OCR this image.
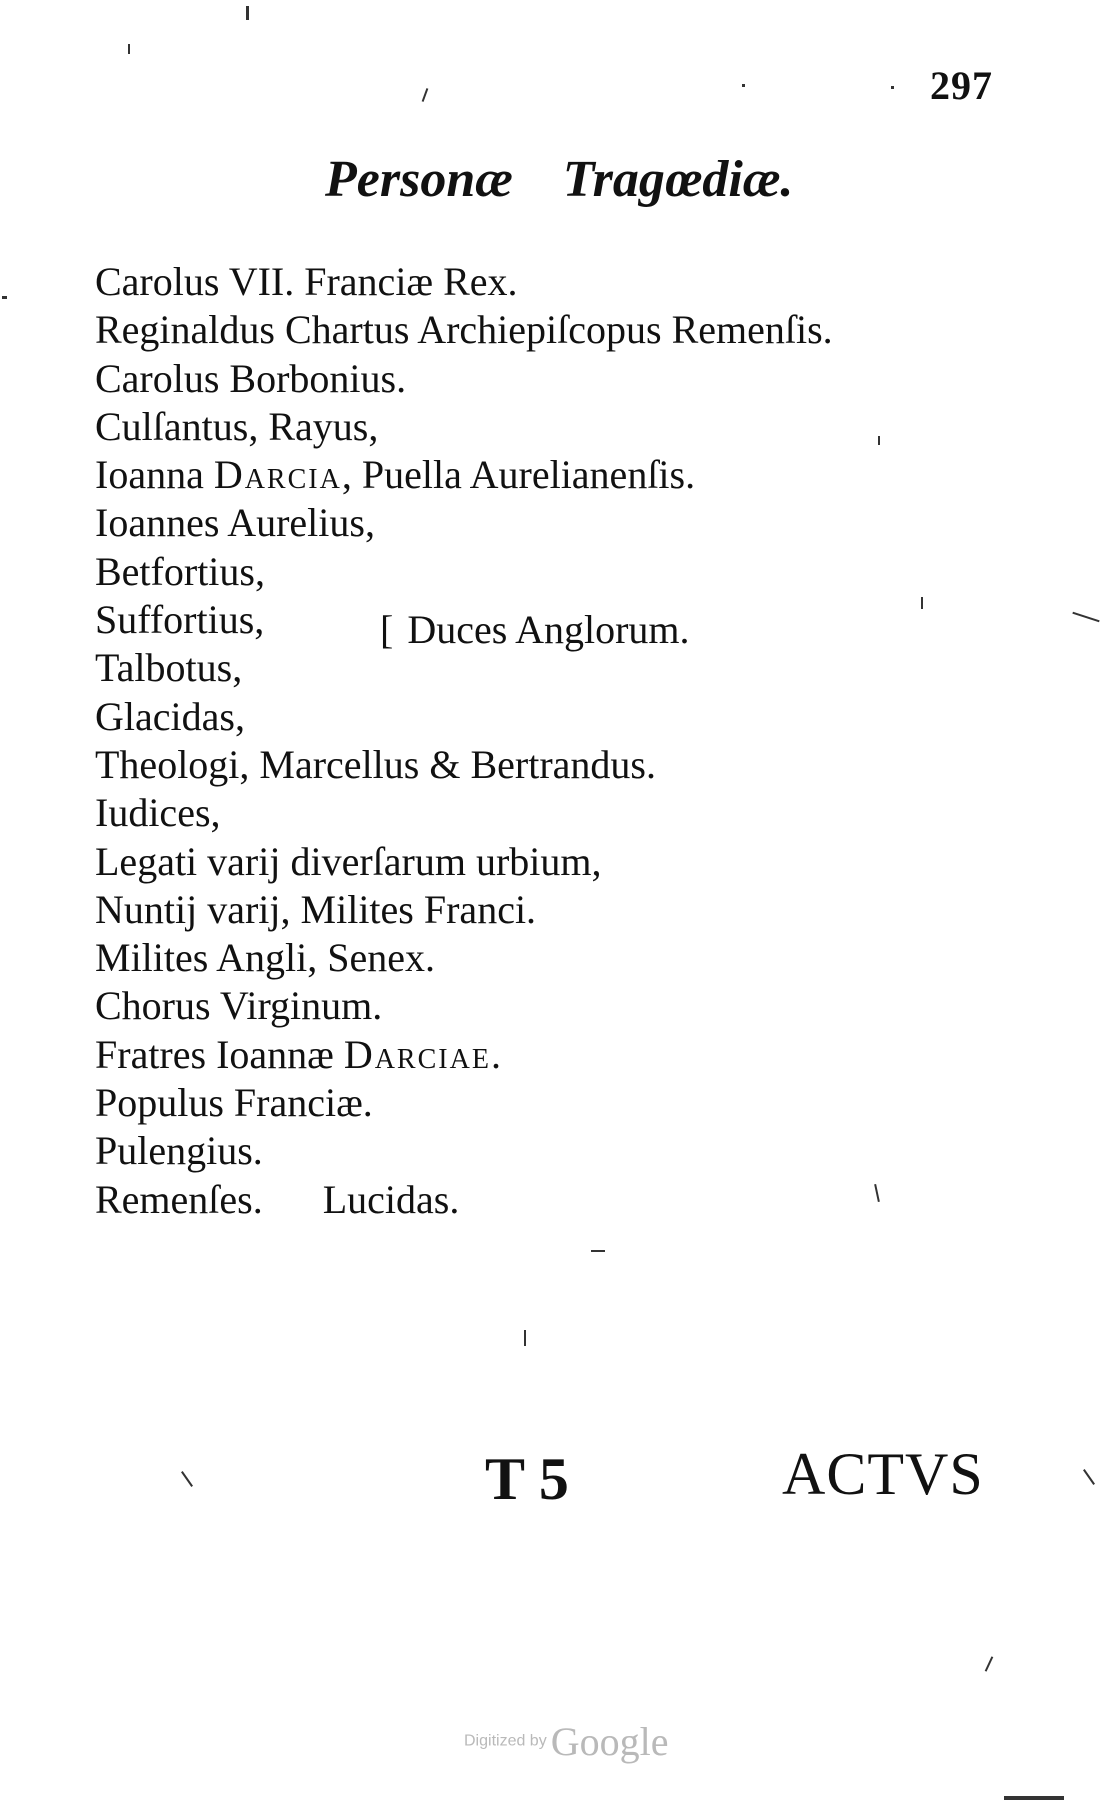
297
Personæ Tragœdiæ.
Carolus VII. Franciæ Rex.
Reginaldus Chartus Archiepiſcopus Remenſis.
Carolus Borbonius.
Culſantus, Rayus,
Ioanna Darcia, Puella Aurelianenſis.
Ioannes Aurelius,
Betfortius,
Suffortius,
Talbotus,
Glacidas,
Theologi, Marcellus & Bertrandus.
Iudices,
Legati varij diverſarum urbium,
Nuntij varij, Milites Franci.
Milites Angli, Senex.
Chorus Virginum.
Fratres Ioannæ Darciae.
Populus Franciæ.
Pulengius.
Remenſes. Lucidas.
[ Duces Anglorum.
T 5	ACTVS
Digitized by Google
